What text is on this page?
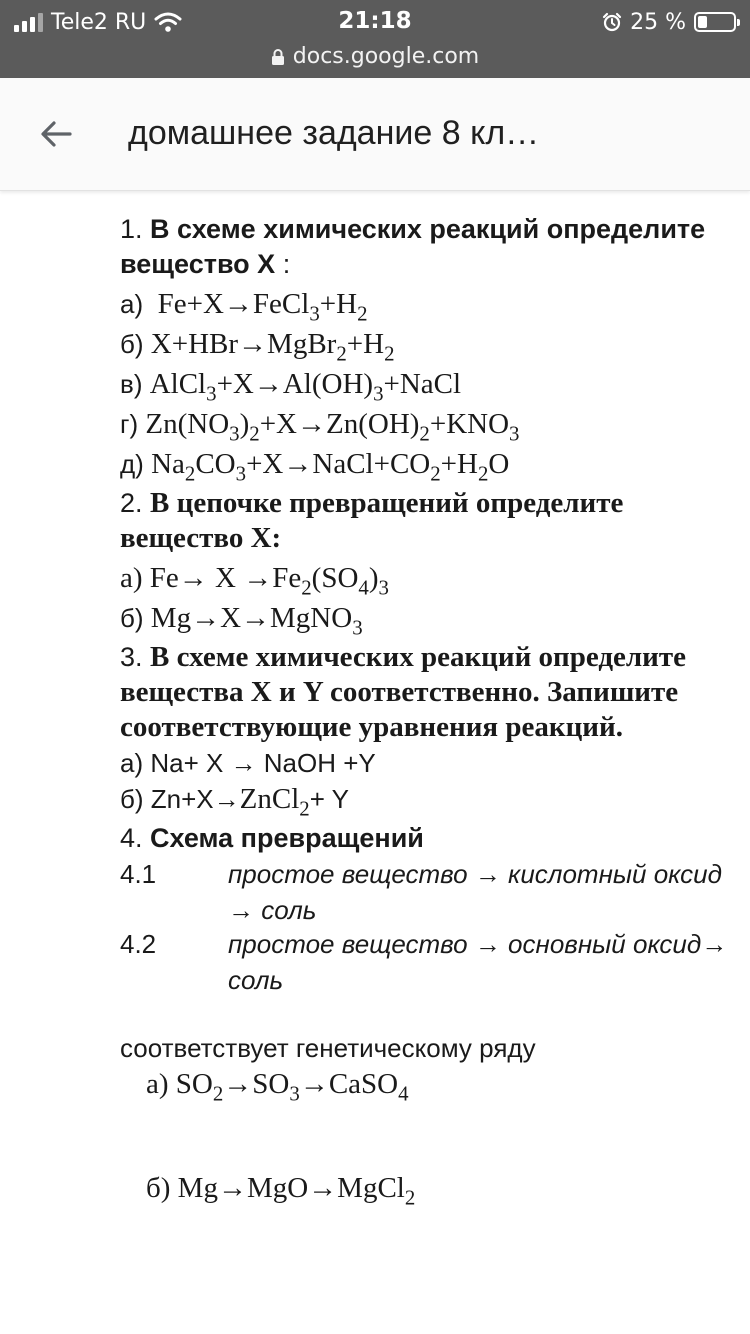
Tele2 RU	21:18	25 %
docs.google.com
домашнее задание 8 кл…
1. В схеме химических реакций определите вещество Х :
а)  $Fe+X\to FeCl_3+H_2$
б) $X+HBr\to MgBr_2+H_2$
в) $AlCl_3+X\to Al(OH)_3+NaCl$
г) $Zn(NO_3)_2+X\to Zn(OH)_2+KNO_3$
д) $Na_2CO_3+X\to NaCl+CO_2+H_2O$
2. В цепочке превращений определите вещество Х:
а) $Fe\to X \to Fe_2(SO_4)_3$
б) Mg→X→MgNO$_3$
3. В схеме химических реакций определите вещества X и Y соответственно. Запишите соответствующие уравнения реакций.
а) Na+ X → NaOH +Y
б) Zn+X→ZnCl$_2$+ Y
4. Схема превращений
4.1	простое вещество → кислотный оксид → соль
4.2	простое вещество → основный оксид→ соль
соответствует генетическому ряду
а) $SO_2\to SO_3\to CaSO_4$
б) Mg→MgO→MgCl$_2$
